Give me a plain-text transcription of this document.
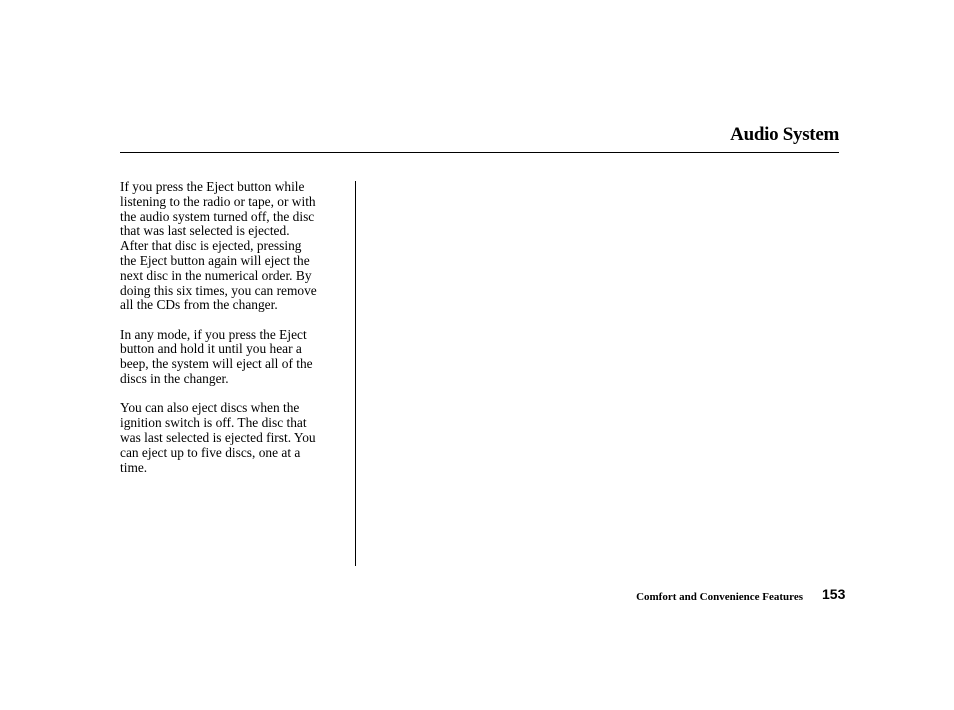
Audio System

If you press the Eject button while
listening to the radio or tape, or with
the audio system turned off, the disc
that was last selected is ejected.
After that disc is ejected, pressing
the Eject button again will eject the
next disc in the numerical order. By
doing this six times, you can remove
all the CDs from the changer.

In any mode, if you press the Eject
button and hold it until you hear a
beep, the system will eject all of the
discs in the changer.

You can also eject discs when the
ignition switch is off. The disc that
was last selected is ejected first. You
can eject up to five discs, one at a
time.

Comfort and Convenience Features 153
